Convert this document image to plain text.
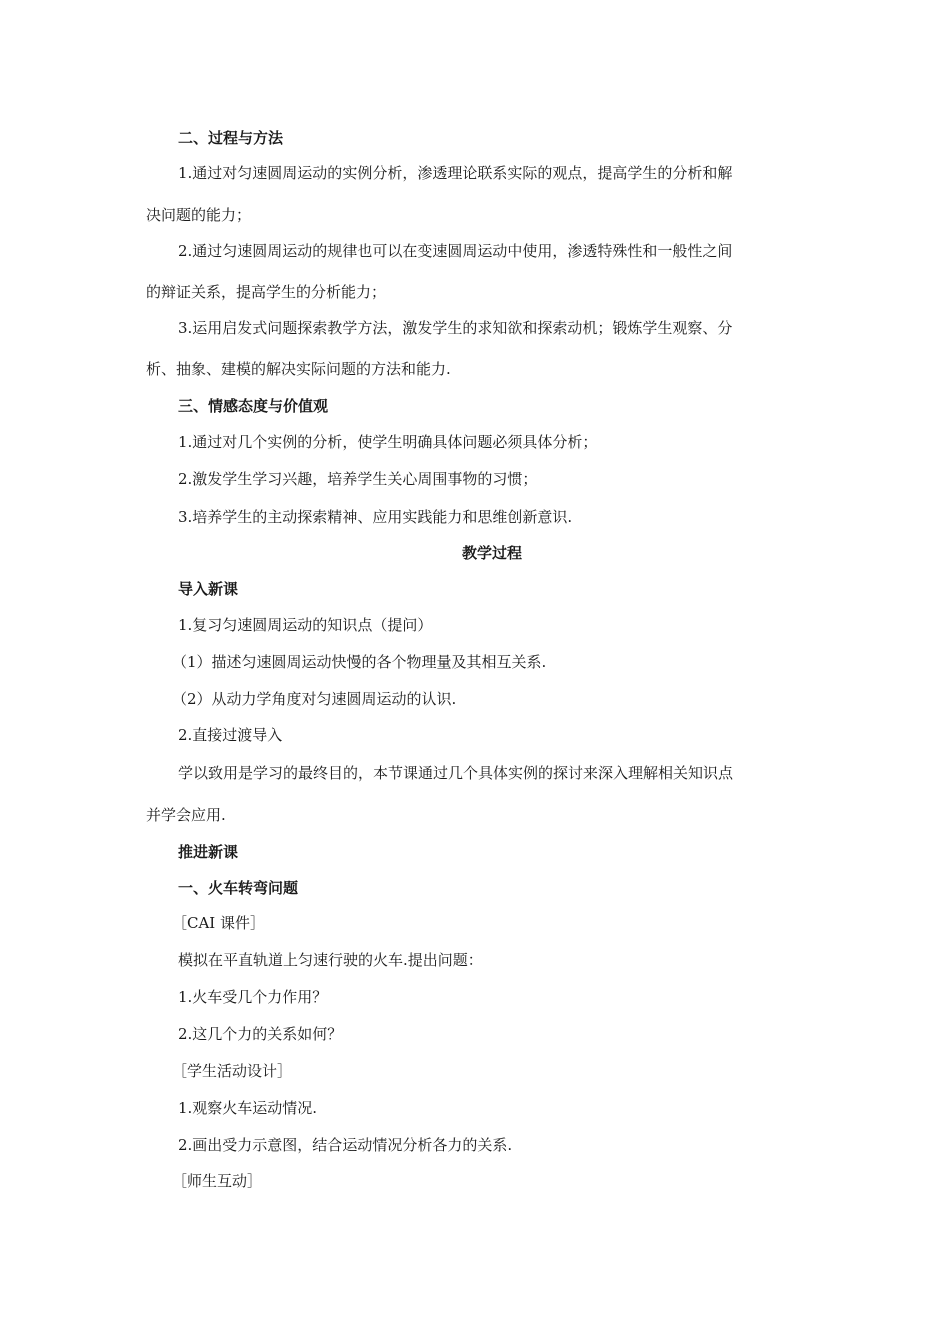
二、过程与方法
1.通过对匀速圆周运动的实例分析，渗透理论联系实际的观点，提高学生的分析和解
决问题的能力；
2.通过匀速圆周运动的规律也可以在变速圆周运动中使用，渗透特殊性和一般性之间
的辩证关系，提高学生的分析能力；
3.运用启发式问题探索教学方法，激发学生的求知欲和探索动机；锻炼学生观察、分
析、抽象、建模的解决实际问题的方法和能力.
三、情感态度与价值观
1.通过对几个实例的分析，使学生明确具体问题必须具体分析；
2.激发学生学习兴趣，培养学生关心周围事物的习惯；
3.培养学生的主动探索精神、应用实践能力和思维创新意识.
教学过程
导入新课
1.复习匀速圆周运动的知识点（提问）
（1）描述匀速圆周运动快慢的各个物理量及其相互关系.
（2）从动力学角度对匀速圆周运动的认识.
2.直接过渡导入
学以致用是学习的最终目的，本节课通过几个具体实例的探讨来深入理解相关知识点
并学会应用.
推进新课
一、火车转弯问题
［CAI 课件］
模拟在平直轨道上匀速行驶的火车.提出问题：
1.火车受几个力作用？
2.这几个力的关系如何？
［学生活动设计］
1.观察火车运动情况.
2.画出受力示意图，结合运动情况分析各力的关系.
［师生互动］
